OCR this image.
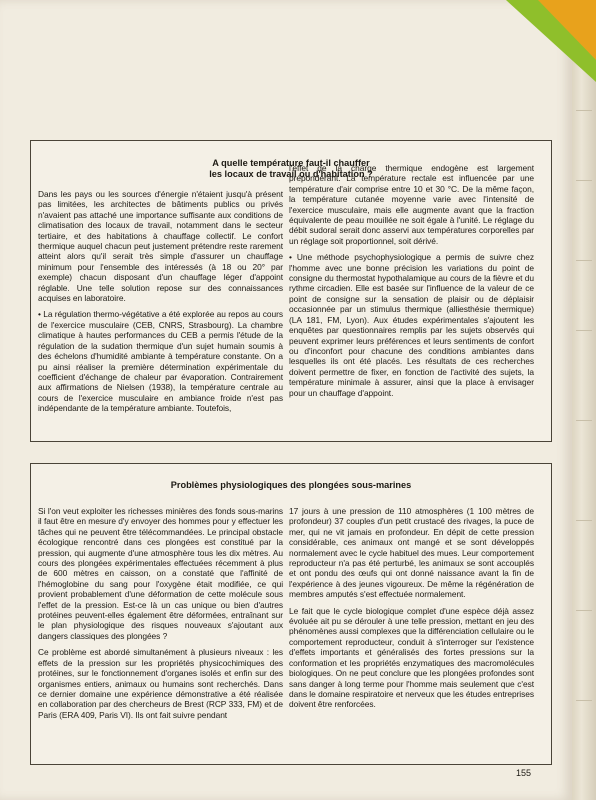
A quelle température faut-il chauffer
les locaux de travail ou d'habitation ?

Dans les pays ou les sources d'énergie n'étaient jusqu'à présent pas limitées, les architectes de bâtiments publics ou privés n'avaient pas attaché une importance suffisante aux conditions de climatisation des locaux de travail, notamment dans le secteur tertiaire, et des habitations à chauffage collectif. Le confort thermique auquel chacun peut justement prétendre reste rarement atteint alors qu'il serait très simple d'assurer un chauffage minimum pour l'ensemble des intéressés (à 18 ou 20° par exemple) chacun disposant d'un chauffage léger d'appoint réglable. Une telle solution repose sur des connaissances acquises en laboratoire.

• La régulation thermo-végétative a été explorée au repos au cours de l'exercice musculaire (CEB, CNRS, Strasbourg). La chambre climatique à hautes performances du CEB a permis l'étude de la régulation de la sudation thermique d'un sujet humain soumis à des échelons d'humidité ambiante à température constante. On a pu ainsi réaliser la première détermination expérimentale du coefficient d'échange de chaleur par évaporation. Contrairement aux affirmations de Nielsen (1938), la température centrale au cours de l'exercice musculaire en ambiance froide n'est pas indépendante de la température ambiante. Toutefois,

l'effet de la charge thermique endogène est largement prépondérant. La température rectale est influencée par une température d'air comprise entre 10 et 30 °C. De la même façon, la température cutanée moyenne varie avec l'intensité de l'exercice musculaire, mais elle augmente avant que la fraction équivalente de peau mouillée ne soit égale à l'unité. Le réglage du débit sudoral serait donc asservi aux températures corporelles par un réglage soit proportionnel, soit dérivé.

• Une méthode psychophysiologique a permis de suivre chez l'homme avec une bonne précision les variations du point de consigne du thermostat hypothalamique au cours de la fièvre et du rythme circadien. Elle est basée sur l'influence de la valeur de ce point de consigne sur la sensation de plaisir ou de déplaisir occasionnée par un stimulus thermique (alliesthésie thermique) (LA 181, FM, Lyon). Aux études expérimentales s'ajoutent les enquêtes par questionnaires remplis par les sujets observés qui peuvent exprimer leurs préférences et leurs sentiments de confort ou d'inconfort pour chacune des conditions ambiantes dans lesquelles ils ont été placés. Les résultats de ces recherches doivent permettre de fixer, en fonction de l'activité des sujets, la température minimale à assurer, ainsi que la place à envisager pour un chauffage d'appoint.

Problèmes physiologiques des plongées sous-marines

Si l'on veut exploiter les richesses minières des fonds sous-marins il faut être en mesure d'y envoyer des hommes pour y effectuer les tâches qui ne peuvent être télécommandées. Le principal obstacle écologique rencontré dans ces plongées est constitué par la pression, qui augmente d'une atmosphère tous les dix mètres. Au cours des plongées expérimentales effectuées récemment à plus de 600 mètres en caisson, on a constaté que l'affinité de l'hémoglobine du sang pour l'oxygène était modifiée, ce qui provient probablement d'une déformation de cette molécule sous l'effet de la pression. Est-ce là un cas unique ou bien d'autres protéines peuvent-elles également être déformées, entraînant sur le plan physiologique des risques nouveaux s'ajoutant aux dangers classiques des plongées ?

Ce problème est abordé simultanément à plusieurs niveaux : les effets de la pression sur les propriétés physicochimiques des protéines, sur le fonctionnement d'organes isolés et enfin sur des organismes entiers, animaux ou humains sont recherchés. Dans ce dernier domaine une expérience démonstrative a été réalisée en collaboration par des chercheurs de Brest (RCP 333, FM) et de Paris (ERA 409, Paris VI). Ils ont fait suivre pendant

17 jours à une pression de 110 atmosphères (1 100 mètres de profondeur) 37 couples d'un petit crustacé des rivages, la puce de mer, qui ne vit jamais en profondeur. En dépit de cette pression considérable, ces animaux ont mangé et se sont développés normalement avec le cycle habituel des mues. Leur comportement reproducteur n'a pas été perturbé, les animaux se sont accouplés et ont pondu des œufs qui ont donné naissance avant la fin de l'expérience à des jeunes vigoureux. De même la régénération de membres amputés s'est effectuée normalement.

Le fait que le cycle biologique complet d'une espèce déjà assez évoluée ait pu se dérouler à une telle pression, mettant en jeu des phénomènes aussi complexes que la différenciation cellulaire ou le comportement reproducteur, conduit à s'interroger sur l'existence d'effets importants et généralisés des fortes pressions sur la conformation et les propriétés enzymatiques des macromolécules biologiques. On ne peut conclure que les plongées profondes sont sans danger à long terme pour l'homme mais seulement que c'est dans le domaine respiratoire et nerveux que les études entreprises doivent être renforcées.

155
